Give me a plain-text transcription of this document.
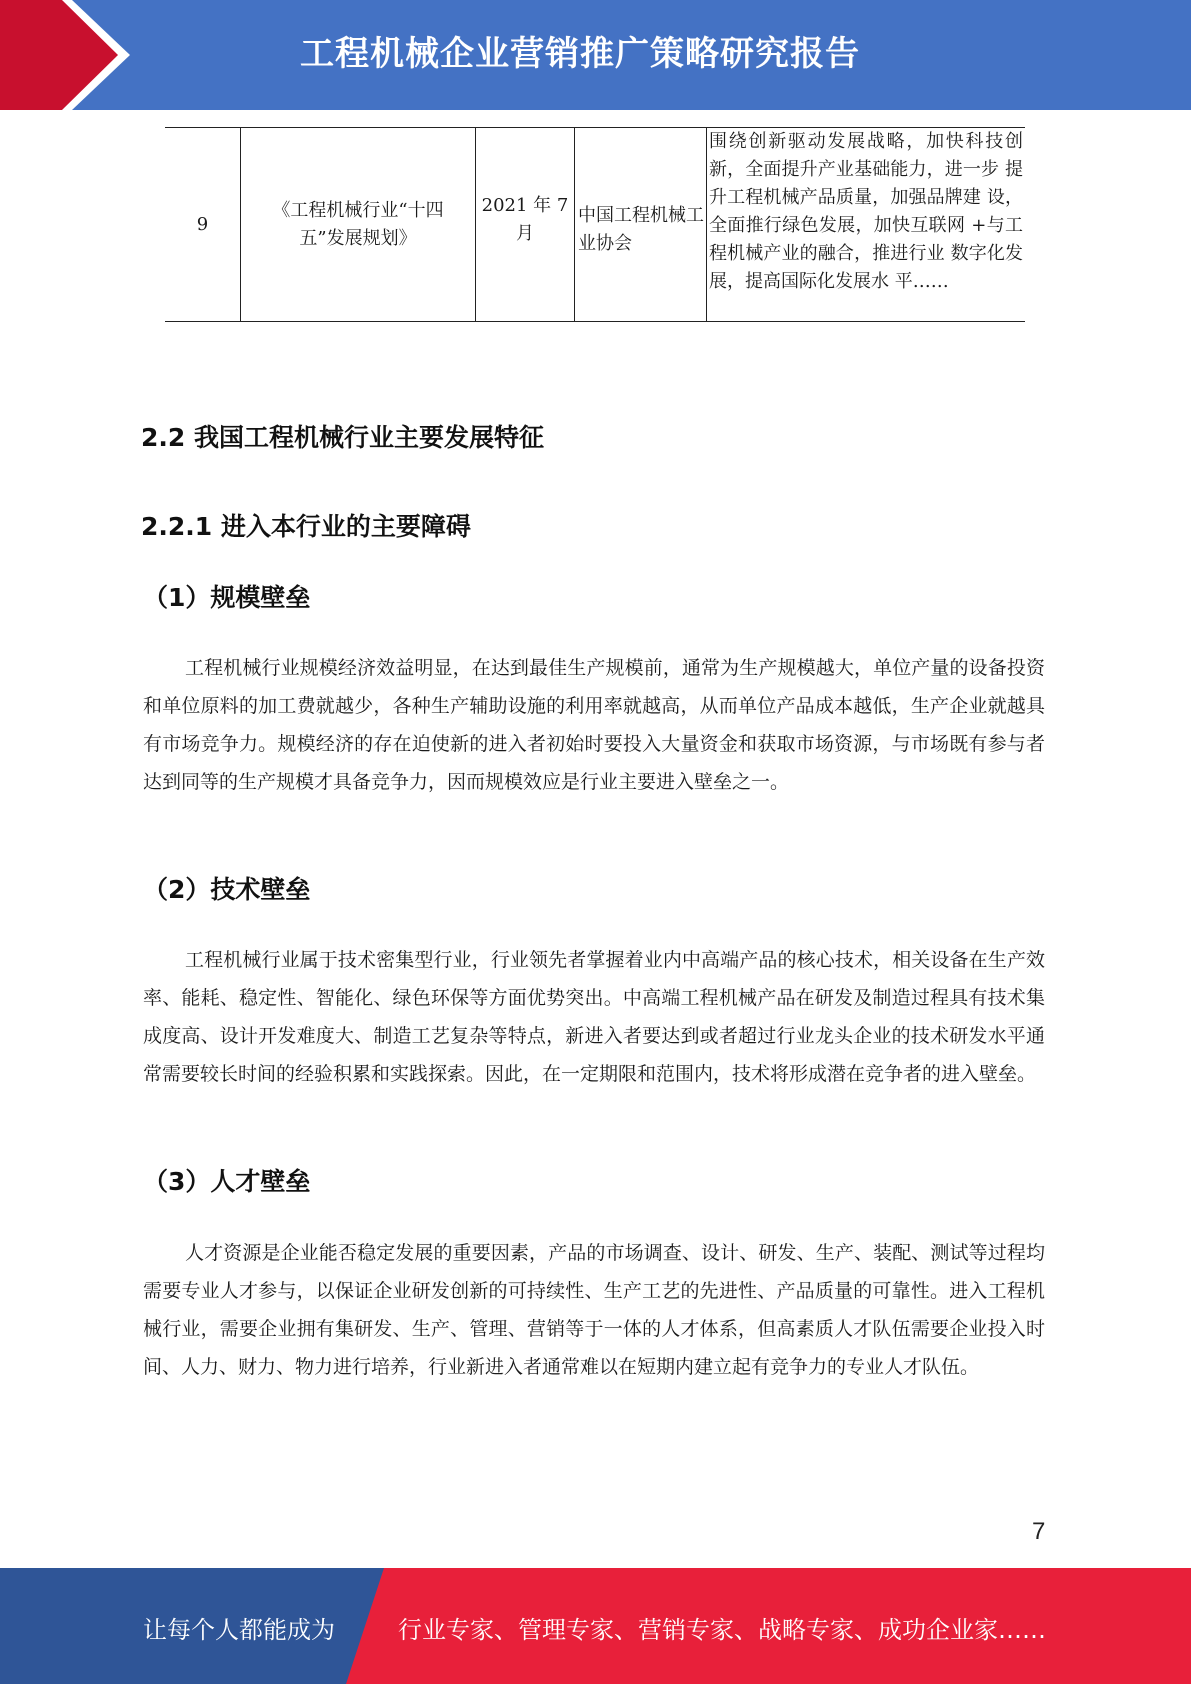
工程机械企业营销推广策略研究报告
9	《工程机械行业“十四五”发展规划》	2021 年 7 月	中国工程机械工业协会	围绕创新驱动发展战略，加快科技创 新，全面提升产业基础能力，进一步 提升工程机械产品质量，加强品牌建 设，全面推行绿色发展，加快互联网 +与工程机械产业的融合，推进行业 数字化发展，提高国际化发展水 平……
2.2 我国工程机械行业主要发展特征
2.2.1 进入本行业的主要障碍
（1）规模壁垒

工程机械行业规模经济效益明显，在达到最佳生产规模前，通常为生产规模越大，单位产量的设备投资和单位原料的加工费就越少，各种生产辅助设施的利用率就越高，从而单位产品成本越低，生产企业就越具有市场竞争力。规模经济的存在迫使新的进入者初始时要投入大量资金和获取市场资源，与市场既有参与者达到同等的生产规模才具备竞争力，因而规模效应是行业主要进入壁垒之一。

（2）技术壁垒

工程机械行业属于技术密集型行业，行业领先者掌握着业内中高端产品的核心技术，相关设备在生产效率、能耗、稳定性、智能化、绿色环保等方面优势突出。中高端工程机械产品在研发及制造过程具有技术集成度高、设计开发难度大、制造工艺复杂等特点，新进入者要达到或者超过行业龙头企业的技术研发水平通常需要较长时间的经验积累和实践探索。因此，在一定期限和范围内，技术将形成潜在竞争者的进入壁垒。

（3）人才壁垒

人才资源是企业能否稳定发展的重要因素，产品的市场调查、设计、研发、生产、装配、测试等过程均需要专业人才参与，以保证企业研发创新的可持续性、生产工艺的先进性、产品质量的可靠性。进入工程机械行业，需要企业拥有集研发、生产、管理、营销等于一体的人才体系，但高素质人才队伍需要企业投入时间、人力、财力、物力进行培养，行业新进入者通常难以在短期内建立起有竞争力的专业人才队伍。

7
让每个人都能成为	行业专家、管理专家、营销专家、战略专家、成功企业家……
